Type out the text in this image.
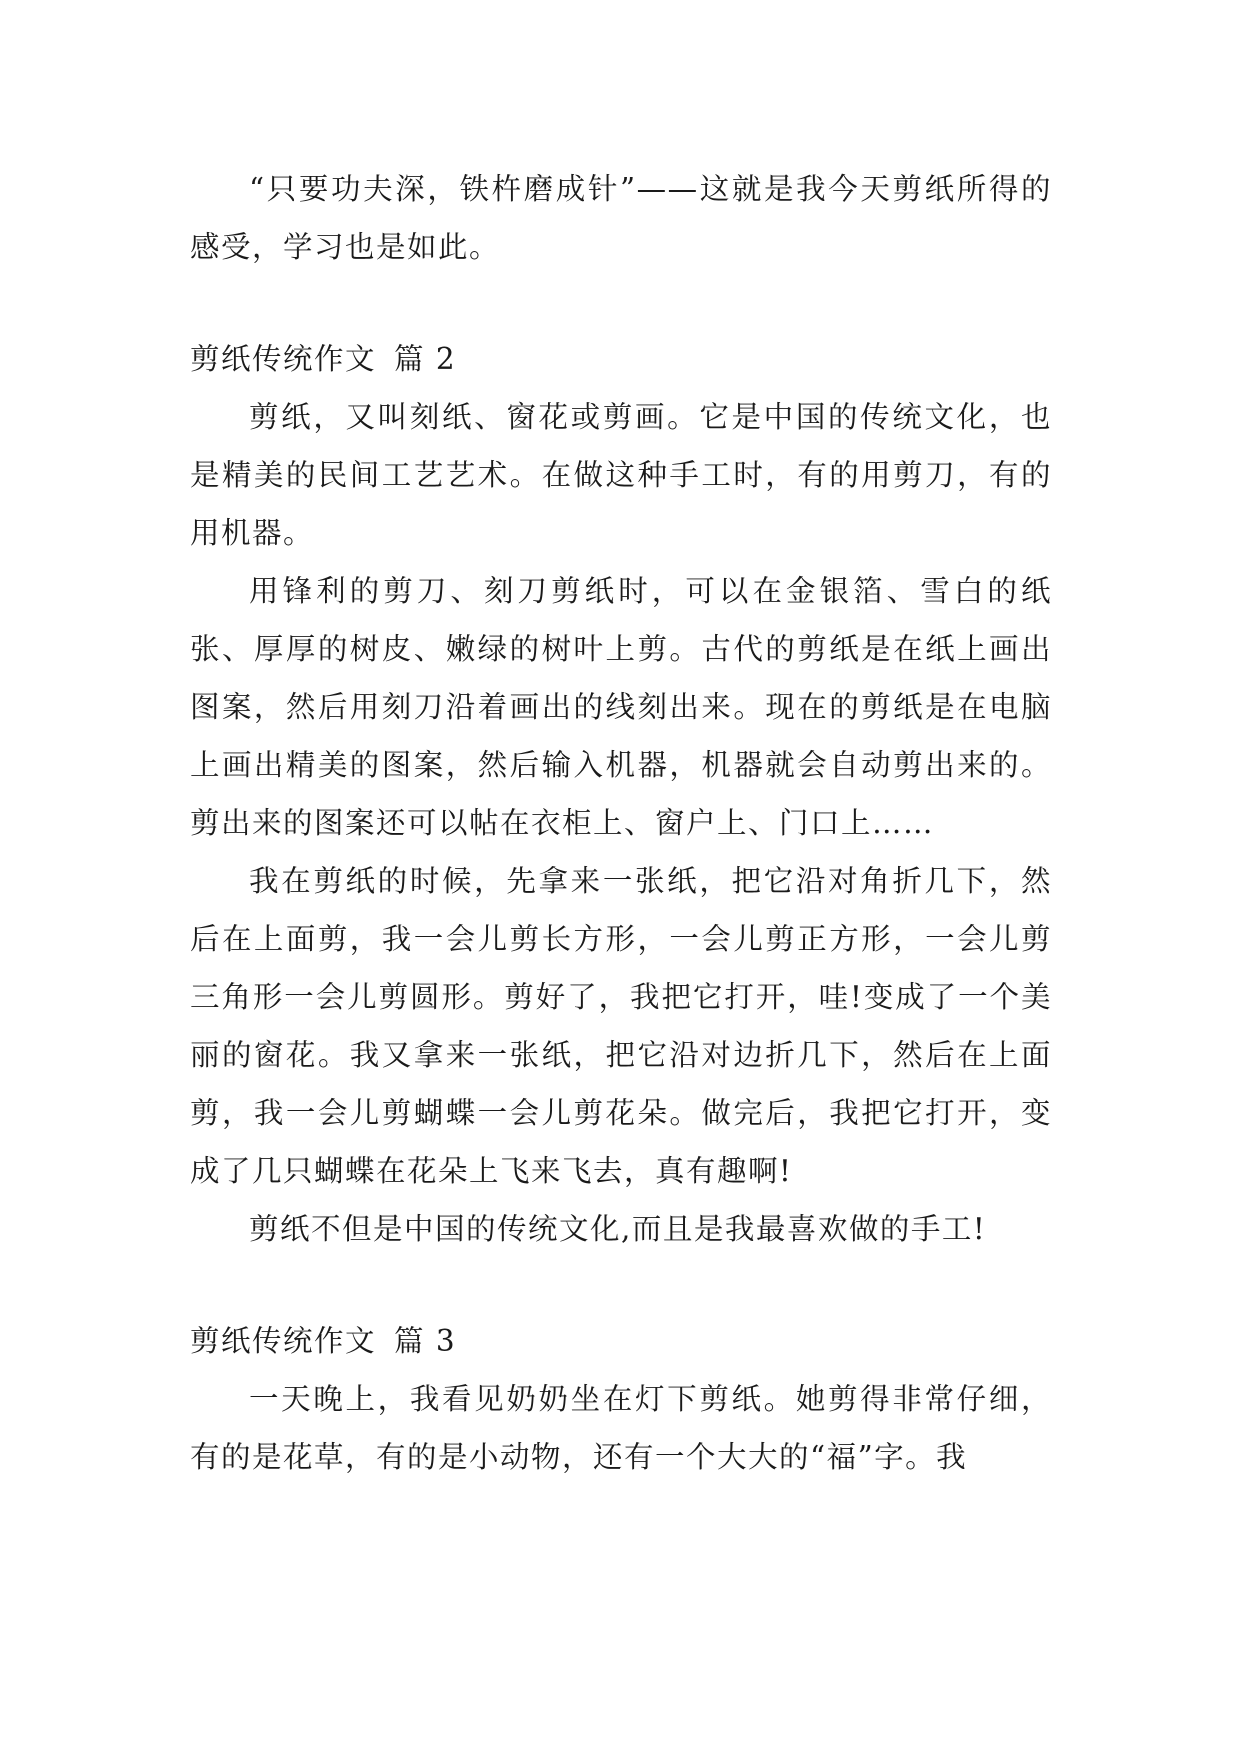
“只要功夫深，铁杵磨成针”——这就是我今天剪纸所得的感受，学习也是如此。

剪纸传统作文 篇 2

剪纸，又叫刻纸、窗花或剪画。它是中国的传统文化，也是精美的民间工艺艺术。在做这种手工时，有的用剪刀，有的用机器。

用锋利的剪刀、刻刀剪纸时，可以在金银箔、雪白的纸张、厚厚的树皮、嫩绿的树叶上剪。古代的剪纸是在纸上画出图案，然后用刻刀沿着画出的线刻出来。现在的剪纸是在电脑上画出精美的图案，然后输入机器，机器就会自动剪出来的。剪出来的图案还可以帖在衣柜上、窗户上、门口上……

我在剪纸的时候，先拿来一张纸，把它沿对角折几下，然后在上面剪，我一会儿剪长方形，一会儿剪正方形，一会儿剪三角形一会儿剪圆形。剪好了，我把它打开，哇!变成了一个美丽的窗花。我又拿来一张纸，把它沿对边折几下，然后在上面剪，我一会儿剪蝴蝶一会儿剪花朵。做完后，我把它打开，变成了几只蝴蝶在花朵上飞来飞去，真有趣啊!

剪纸不但是中国的传统文化,而且是我最喜欢做的手工!

剪纸传统作文 篇 3

一天晚上，我看见奶奶坐在灯下剪纸。她剪得非常仔细，有的是花草，有的是小动物，还有一个大大的“福”字。我
